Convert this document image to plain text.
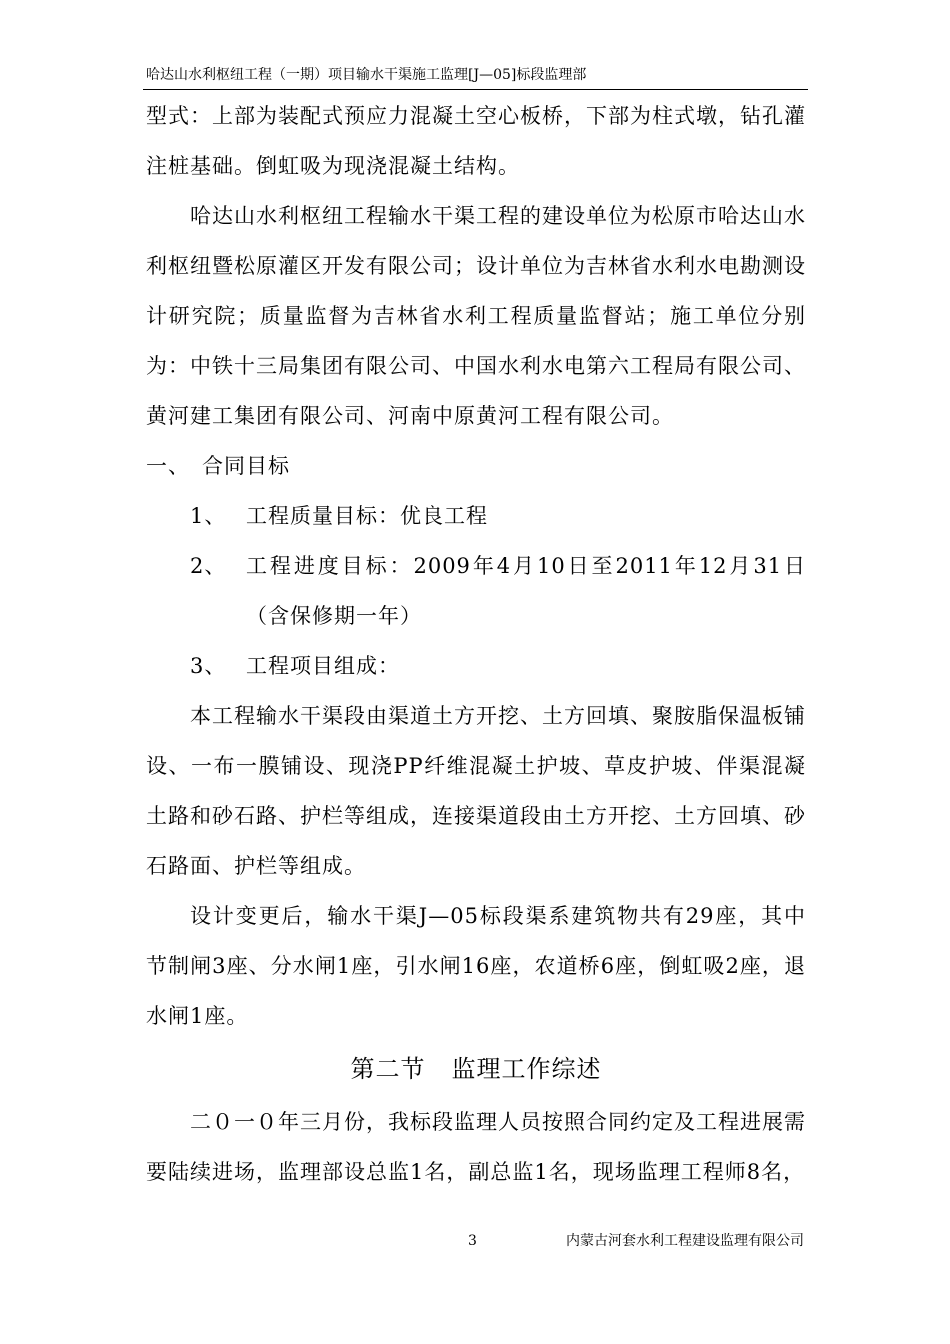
哈达山水利枢纽工程（一期）项目输水干渠施工监理[J—05]标段监理部

型式：上部为装配式预应力混凝土空心板桥，下部为柱式墩，钻孔灌注桩基础。倒虹吸为现浇混凝土结构。

哈达山水利枢纽工程输水干渠工程的建设单位为松原市哈达山水利枢纽暨松原灌区开发有限公司；设计单位为吉林省水利水电勘测设计研究院；质量监督为吉林省水利工程质量监督站；施工单位分别为：中铁十三局集团有限公司、中国水利水电第六工程局有限公司、黄河建工集团有限公司、河南中原黄河工程有限公司。

一、 合同目标

1、 工程质量目标：优良工程
2、 工程进度目标：2009年4月10日至2011年12月31日（含保修期一年）
3、 工程项目组成：

本工程输水干渠段由渠道土方开挖、土方回填、聚胺脂保温板铺设、一布一膜铺设、现浇PP纤维混凝土护坡、草皮护坡、伴渠混凝土路和砂石路、护栏等组成，连接渠道段由土方开挖、土方回填、砂石路面、护栏等组成。

设计变更后，输水干渠J—05标段渠系建筑物共有29座，其中节制闸3座、分水闸1座，引水闸16座，农道桥6座，倒虹吸2座，退水闸1座。

第二节 监理工作综述

二０一０年三月份，我标段监理人员按照合同约定及工程进展需要陆续进场，监理部设总监1名，副总监1名，现场监理工程师8名，

3	内蒙古河套水利工程建设监理有限公司
